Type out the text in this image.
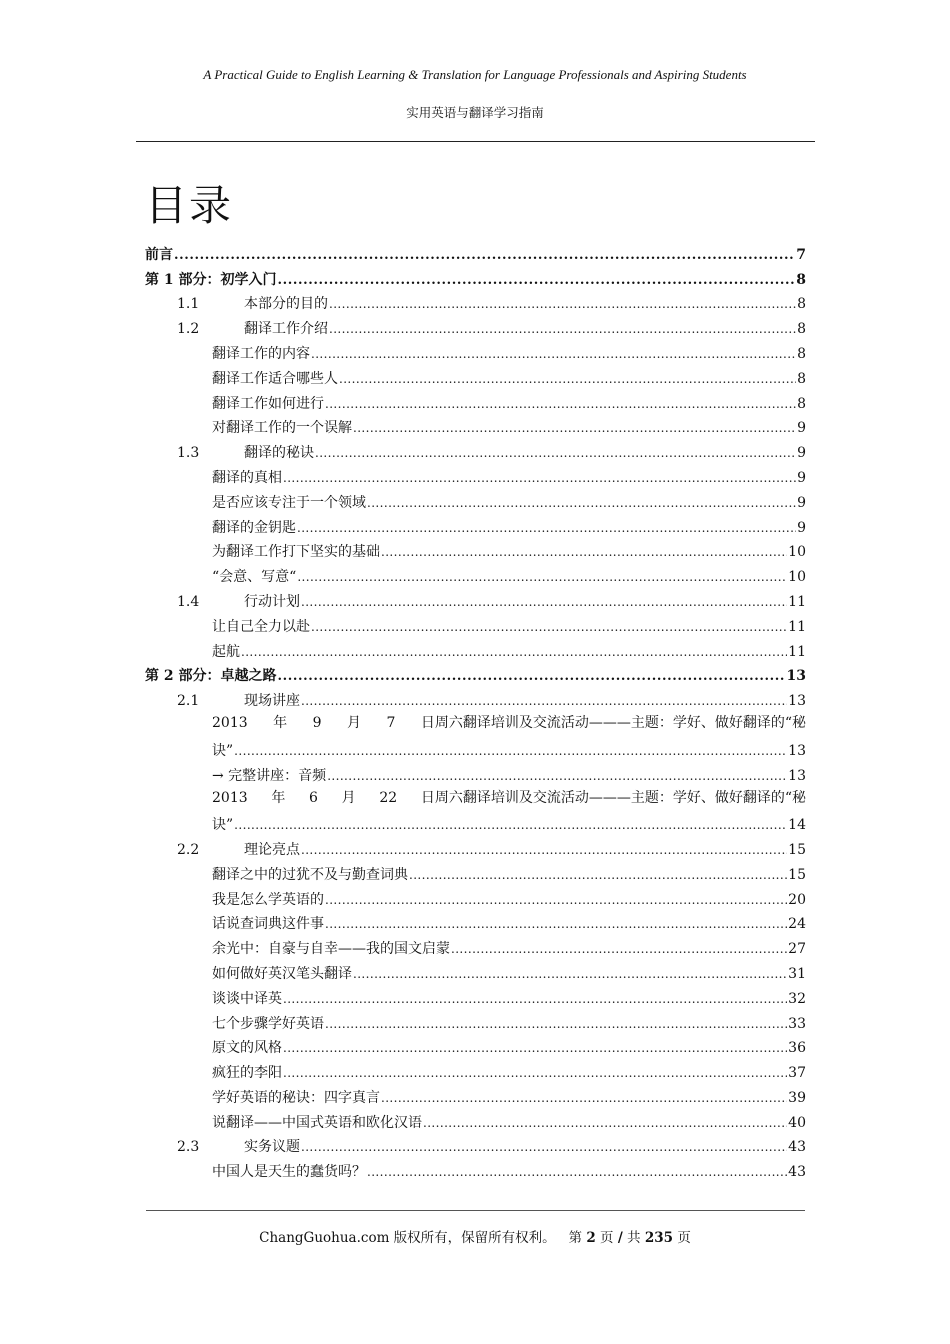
A Practical Guide to English Learning & Translation for Language Professionals and Aspiring Students
实用英语与翻译学习指南
目录
前言 .....	7
第 1 部分：初学入门 .....	8
1.1	本部分的目的 .....	8
1.2	翻译工作介绍 .....	8
翻译工作的内容 .....	8
翻译工作适合哪些人 .....	8
翻译工作如何进行 .....	8
对翻译工作的一个误解 .....	9
1.3	翻译的秘诀 .....	9
翻译的真相 .....	9
是否应该专注于一个领域 .....	9
翻译的金钥匙 .....	9
为翻译工作打下坚实的基础 .....	10
“会意、写意“ .....	10
1.4	行动计划 .....	11
让自己全力以赴 .....	11
起航 .....	11
第 2 部分：卓越之路 .....	13
2.1	现场讲座 .....	13
2013 年 9 月 7 日周六翻译培训及交流活动———主题：学好、做好翻译的“秘
诀” .....	13
→ 完整讲座：音频 .....	13
2013 年 6 月 22 日周六翻译培训及交流活动———主题：学好、做好翻译的“秘
诀” .....	14
2.2	理论亮点 .....	15
翻译之中的过犹不及与勤查词典 .....	15
我是怎么学英语的 .....	20
话说查词典这件事 .....	24
余光中：自豪与自幸——我的国文启蒙 .....	27
如何做好英汉笔头翻译 .....	31
谈谈中译英 .....	32
七个步骤学好英语 .....	33
原文的风格 .....	36
疯狂的李阳 .....	37
学好英语的秘诀：四字真言 .....	39
说翻译——中国式英语和欧化汉语 .....	40
2.3	实务议题 .....	43
中国人是天生的蠢货吗？ .....	43
ChangGuohua.com 版权所有，保留所有权利。 第 2 页 / 共 235 页
